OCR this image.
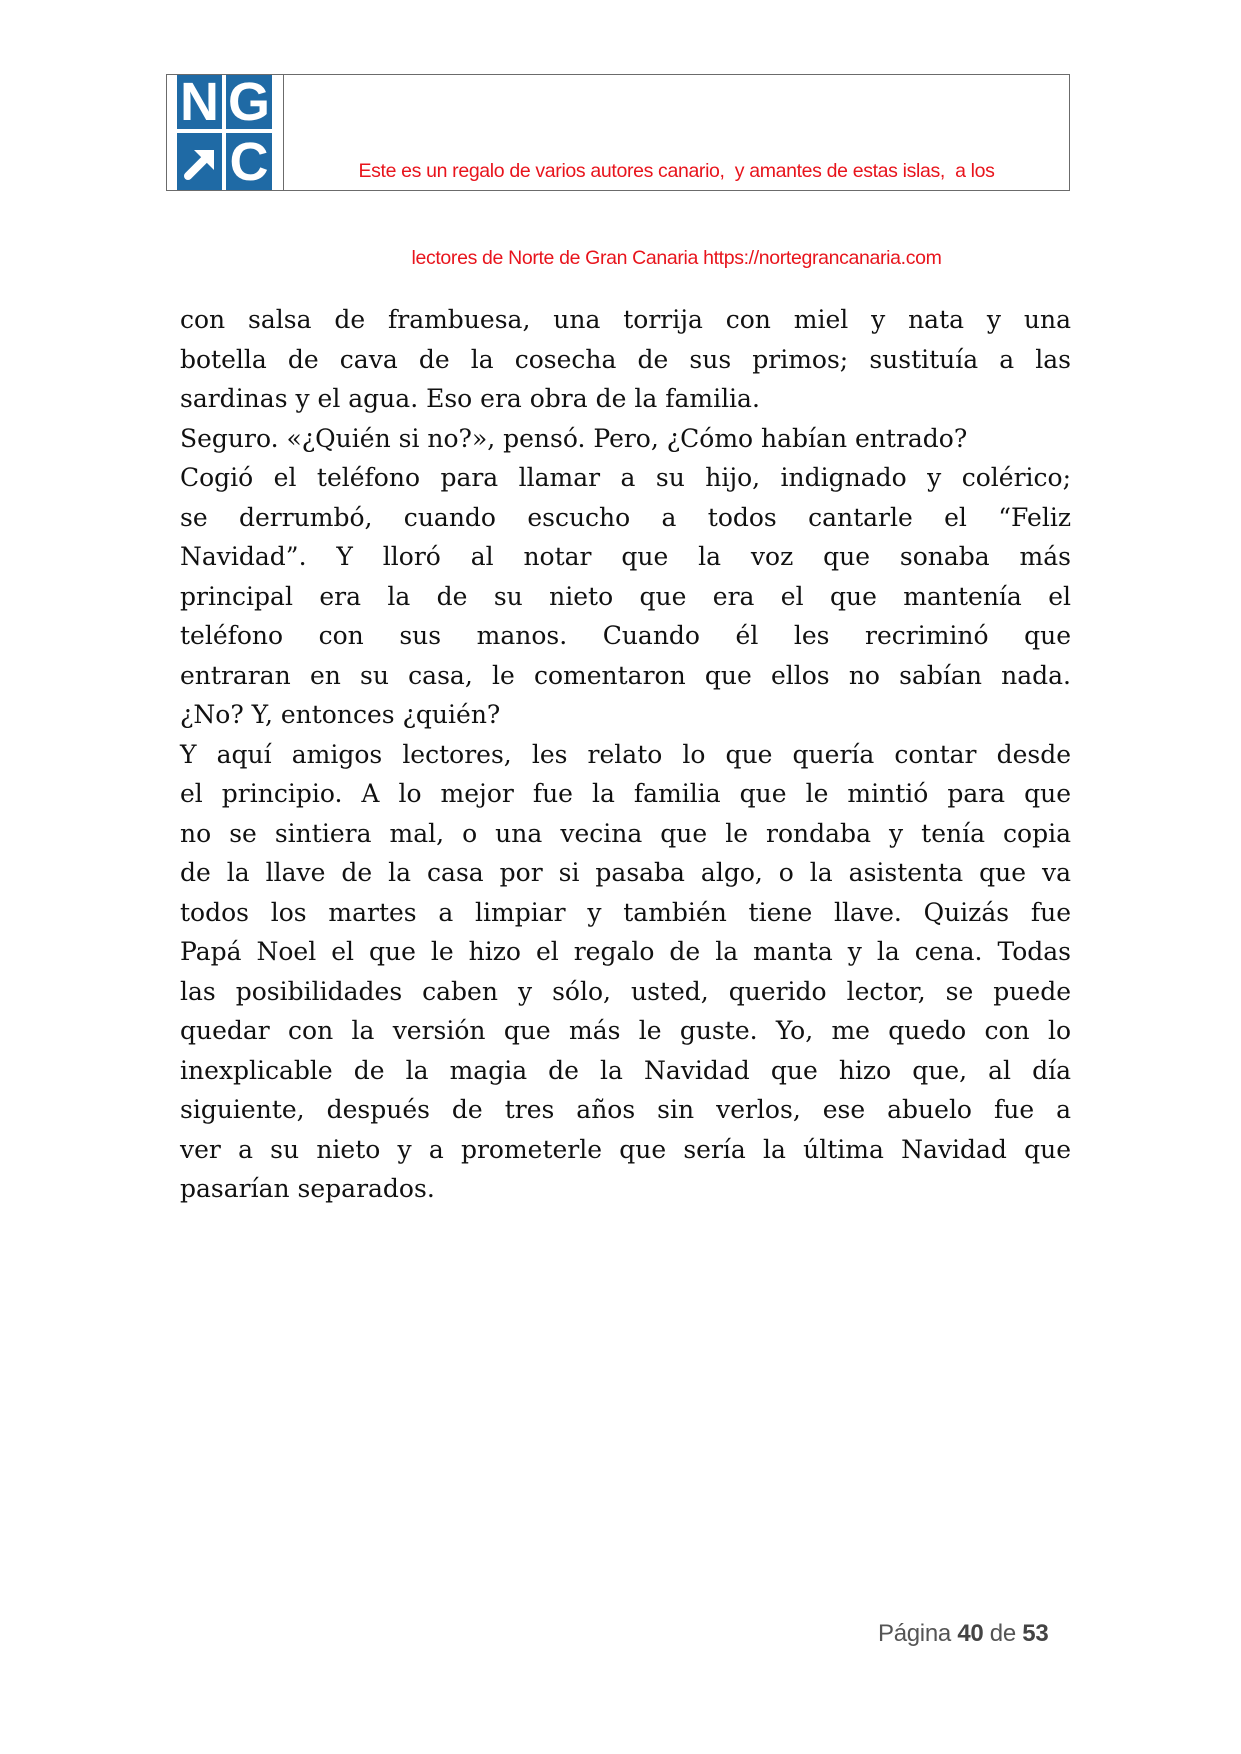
N G
C

	Este es un regalo de varios autores canario,  y amantes de estas islas,  a los

lectores de Norte de Gran Canaria https://nortegrancanaria.com

con salsa de frambuesa, una torrija con miel y nata y una
botella de cava de la cosecha de sus primos; sustituía a las
sardinas y el agua. Eso era obra de la familia.
Seguro. «¿Quién si no?», pensó. Pero, ¿Cómo habían entrado?
Cogió el teléfono para llamar a su hijo, indignado y colérico;
se derrumbó, cuando escucho a todos cantarle el “Feliz
Navidad”. Y lloró al notar que la voz que sonaba más
principal era la de su nieto que era el que mantenía el
teléfono con sus manos. Cuando él les recriminó que
entraran en su casa, le comentaron que ellos no sabían nada.
¿No? Y, entonces ¿quién?
Y aquí amigos lectores, les relato lo que quería contar desde
el principio. A lo mejor fue la familia que le mintió para que
no se sintiera mal, o una vecina que le rondaba y tenía copia
de la llave de la casa por si pasaba algo, o la asistenta que va
todos los martes a limpiar y también tiene llave. Quizás fue
Papá Noel el que le hizo el regalo de la manta y la cena. Todas
las posibilidades caben y sólo, usted, querido lector, se puede
quedar con la versión que más le guste. Yo, me quedo con lo
inexplicable de la magia de la Navidad que hizo que, al día
siguiente, después de tres años sin verlos, ese abuelo fue a
ver a su nieto y a prometerle que sería la última Navidad que
pasarían separados.
Página 40 de 53
